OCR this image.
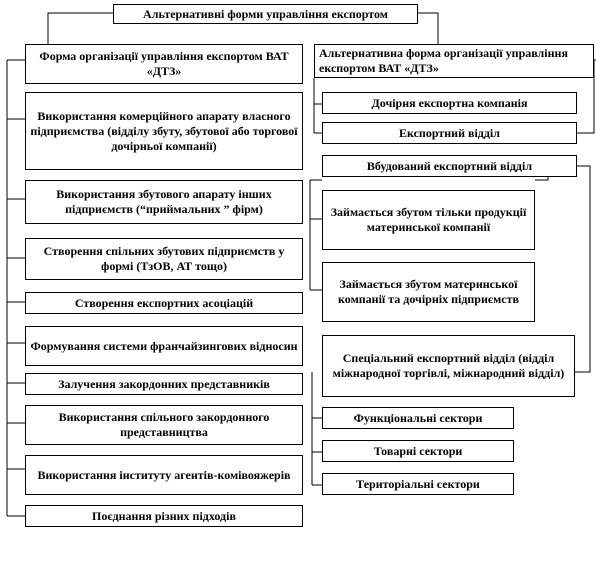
Альтернативні форми управління експортом
Форма організації управління експортом ВАТ «ДТЗ»
Використання комерційного апарату власного підприємства (відділу збуту, збутової або торгової дочірньої компанії)
Використання збутового апарату інших підприємств (“приймальних ” фірм)
Створення спільних збутових підприємств у формі (ТзОВ, АТ тощо)
Створення експортних асоціацій
Формування системи франчайзингових відносин
Залучення закордонних представників
Використання спільного закордонного представництва
Використання інституту агентів-комівояжерів
Поєднання різних підходів
Альтернативна форма організації управління експортом ВАТ «ДТЗ»
Дочірня експортна компанія
Експортний відділ
Вбудований експортний відділ
Займається збутом тільки продукції материнської компанії
Займається збутом материнської компанії та дочірніх підприємств
Спеціальний експортний відділ (відділ міжнародної торгівлі, міжнародний відділ)
Функціональні сектори
Товарні сектори
Територіальні сектори
